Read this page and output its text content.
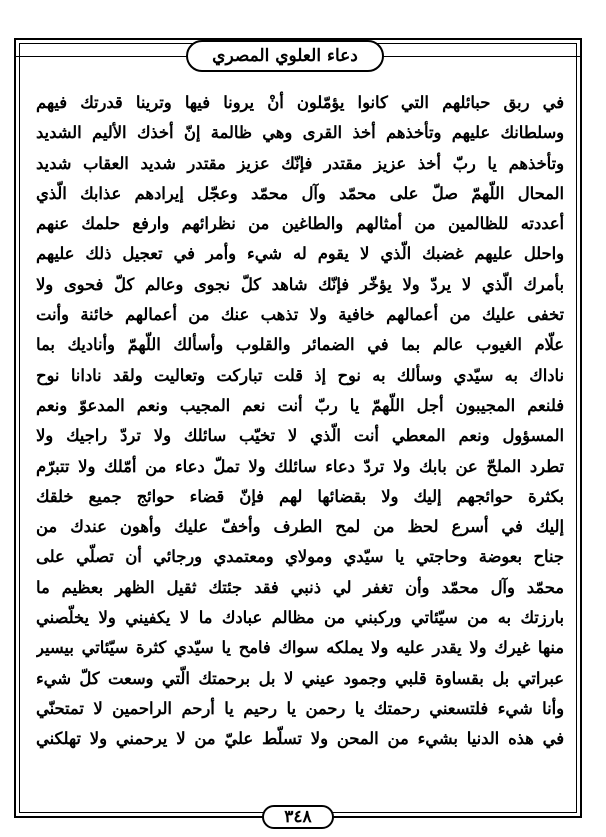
دعاء العلوي المصري
في ربق حبائلهم التي كانوا يؤمّلون أنْ يرونا فيها وترينا قدرتك فيهم
وسلطانك عليهم وتأخذهم أخذ القرى وهي ظالمة إنّ أخذك الأليم الشديد
وتأخذهم يا ربّ أخذ عزيز مقتدر فإنّك عزيز مقتدر شديد العقاب شديد
المحال اللّهمّ صلّ على محمّد وآل محمّد وعجّل إيرادهم عذابك الّذي
أعددته للظالمين من أمثالهم والطاغين من نظرائهم وارفع حلمك عنهم
واحلل عليهم غضبك الّذي لا يقوم له شيء وأمر في تعجيل ذلك عليهم
بأمرك الّذي لا يردّ ولا يؤخّر فإنّك شاهد كلّ نجوى وعالم كلّ فحوى ولا
تخفى عليك من أعمالهم خافية ولا تذهب عنك من أعمالهم خائنة وأنت
علّام الغيوب عالم بما في الضمائر والقلوب وأسألك اللّهمّ وأناديك بما
ناداك به سيّدي وسألك به نوح إذ قلت تباركت وتعاليت ولقد نادانا نوح
فلنعم المجيبون أجل اللّهمّ يا ربّ أنت نعم المجيب ونعم المدعوّ ونعم
المسؤول ونعم المعطي أنت الّذي لا تخيّب سائلك ولا تردّ راجيك ولا
تطرد الملحّ عن بابك ولا تردّ دعاء سائلك ولا تملّ دعاء من أمّلك ولا تتبرّم
بكثرة حوائجهم إليك ولا بقضائها لهم فإنّ قضاء حوائج جميع خلقك
إليك في أسرع لحظ من لمح الطرف وأخفّ عليك وأهون عندك من
جناح بعوضة وحاجتي يا سيّدي ومولاي ومعتمدي ورجائي أن تصلّي على
محمّد وآل محمّد وأن تغفر لي ذنبي فقد جئتك ثقيل الظهر بعظيم ما
بارزتك به من سيّئاتي وركبني من مظالم عبادك ما لا يكفيني ولا يخلّصني
منها غيرك ولا يقدر عليه ولا يملكه سواك فامح يا سيّدي كثرة سيّئاتي بيسير
عبراتي بل بقساوة قلبي وجمود عيني لا بل برحمتك الّتي وسعت كلّ شيء
وأنا شيء فلتسعني رحمتك يا رحمن يا رحيم يا أرحم الراحمين لا تمتحنّي
في هذه الدنيا بشيء من المحن ولا تسلّط عليّ من لا يرحمني ولا تهلكني
٣٤٨
